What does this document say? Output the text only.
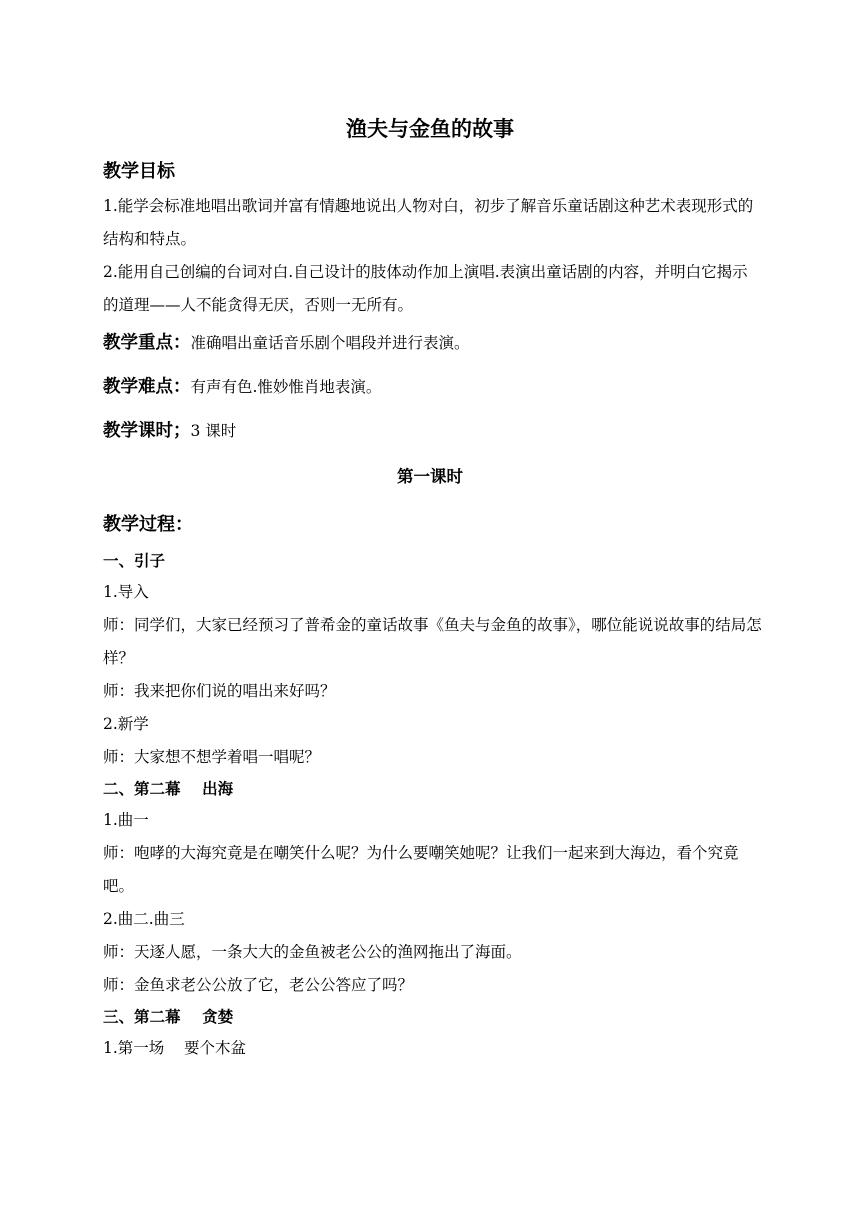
渔夫与金鱼的故事
教学目标

1.能学会标准地唱出歌词并富有情趣地说出人物对白，初步了解音乐童话剧这种艺术表现形式的结构和特点。

2.能用自己创编的台词对白.自己设计的肢体动作加上演唱.表演出童话剧的内容，并明白它揭示的道理——人不能贪得无厌，否则一无所有。

教学重点：准确唱出童话音乐剧个唱段并进行表演。
教学难点：有声有色.惟妙惟肖地表演。
教学课时；3 课时
第一课时
教学过程：
一、引子

1.导入

师：同学们，大家已经预习了普希金的童话故事《鱼夫与金鱼的故事》，哪位能说说故事的结局怎样？

师：我来把你们说的唱出来好吗？

2.新学

师：大家想不想学着唱一唱呢？

二、第二幕 出海

1.曲一

师：咆哮的大海究竟是在嘲笑什么呢？为什么要嘲笑她呢？让我们一起来到大海边，看个究竟吧。

2.曲二.曲三

师：天逐人愿，一条大大的金鱼被老公公的渔网拖出了海面。

师：金鱼求老公公放了它，老公公答应了吗？

三、第二幕 贪婪

1.第一场 要个木盆
